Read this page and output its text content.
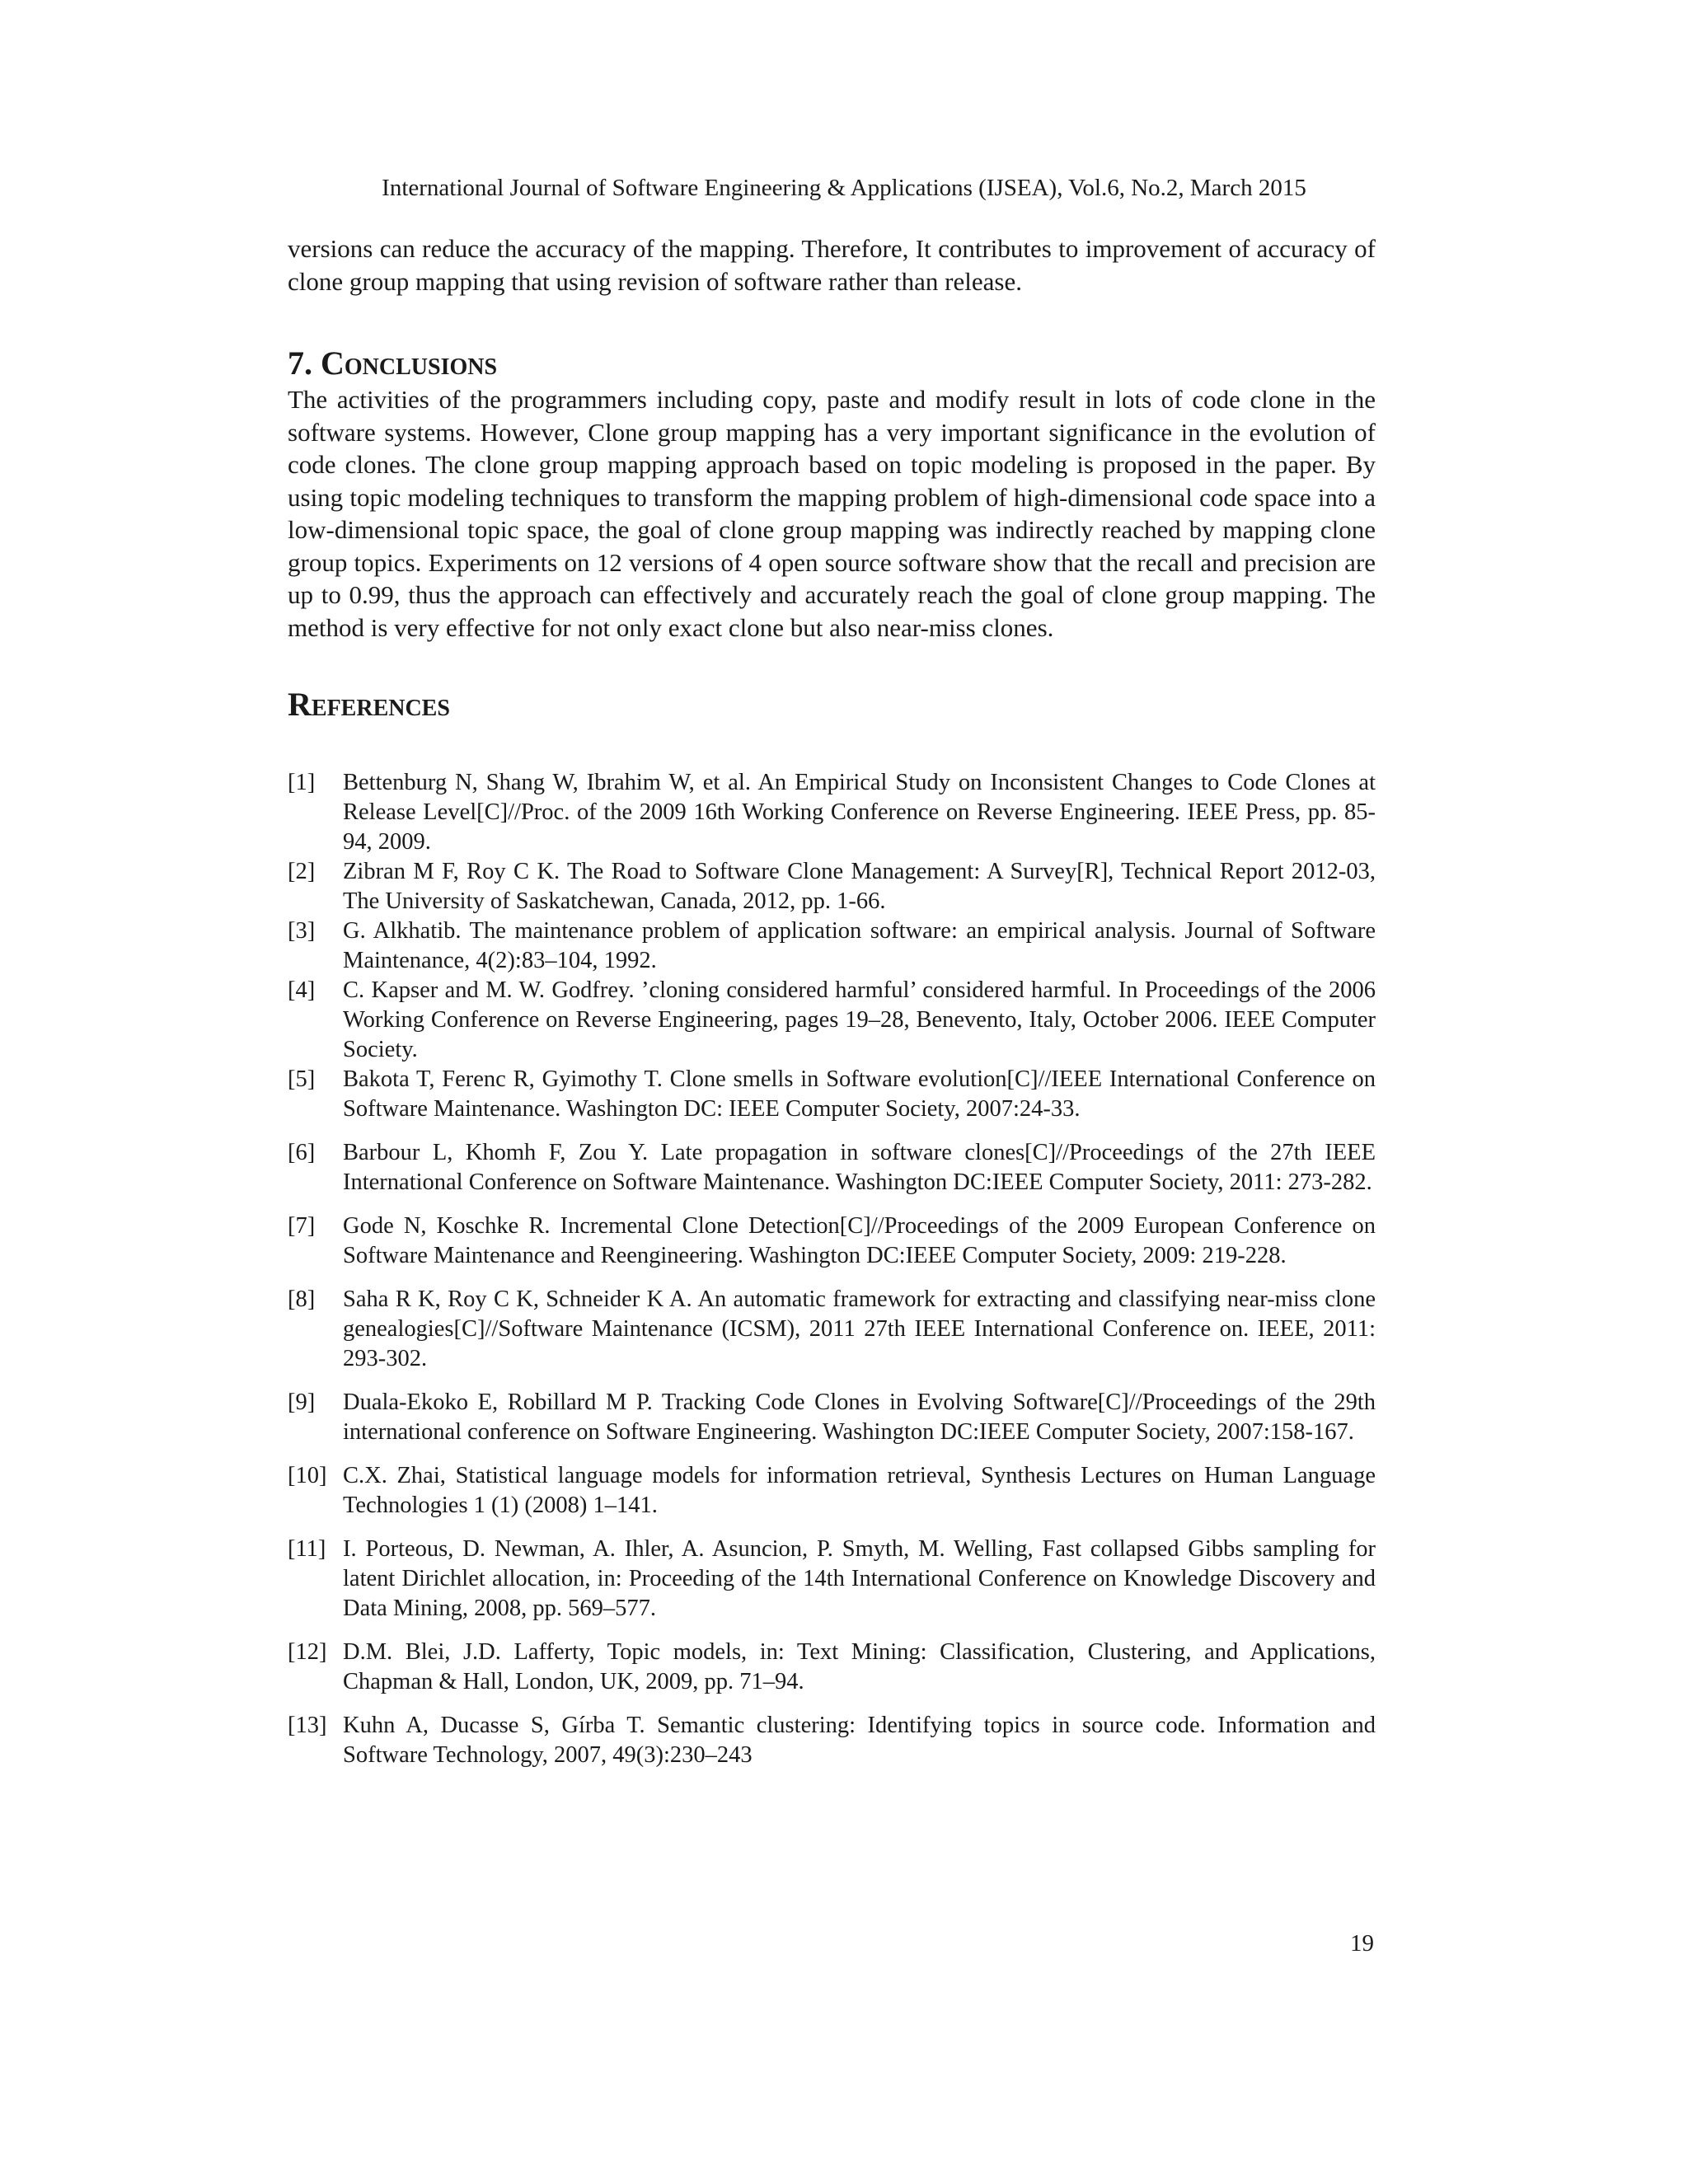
International Journal of Software Engineering & Applications (IJSEA), Vol.6, No.2, March 2015

versions can reduce the accuracy of the mapping. Therefore, It contributes to improvement of accuracy of clone group mapping that using revision of software rather than release.

7. Conclusions

The activities of the programmers including copy, paste and modify result in lots of code clone in the software systems. However, Clone group mapping has a very important significance in the evolution of code clones. The clone group mapping approach based on topic modeling is proposed in the paper. By using topic modeling techniques to transform the mapping problem of high-dimensional code space into a low-dimensional topic space, the goal of clone group mapping was indirectly reached by mapping clone group topics. Experiments on 12 versions of 4 open source software show that the recall and precision are up to 0.99, thus the approach can effectively and accurately reach the goal of clone group mapping. The method is very effective for not only exact clone but also near-miss clones.

References
[1]	Bettenburg N, Shang W, Ibrahim W, et al. An Empirical Study on Inconsistent Changes to Code Clones at Release Level[C]//Proc. of the 2009 16th Working Conference on Reverse Engineering. IEEE Press, pp. 85-94, 2009.
[2]	Zibran M F, Roy C K. The Road to Software Clone Management: A Survey[R], Technical Report 2012-03, The University of Saskatchewan, Canada, 2012, pp. 1-66.
[3]	G. Alkhatib. The maintenance problem of application software: an empirical analysis. Journal of Software Maintenance, 4(2):83–104, 1992.
[4]	C. Kapser and M. W. Godfrey. ’cloning considered harmful’ considered harmful. In Proceedings of the 2006 Working Conference on Reverse Engineering, pages 19–28, Benevento, Italy, October 2006. IEEE Computer Society.
[5]	Bakota T, Ferenc R, Gyimothy T. Clone smells in Software evolution[C]//IEEE International Conference on Software Maintenance. Washington DC: IEEE Computer Society, 2007:24-33.
[6]	Barbour L, Khomh F, Zou Y. Late propagation in software clones[C]//Proceedings of the 27th IEEE International Conference on Software Maintenance. Washington DC:IEEE Computer Society, 2011: 273-282.
[7]	Gode N, Koschke R. Incremental Clone Detection[C]//Proceedings of the 2009 European Conference on Software Maintenance and Reengineering. Washington DC:IEEE Computer Society, 2009: 219-228.
[8]	Saha R K, Roy C K, Schneider K A. An automatic framework for extracting and classifying near-miss clone genealogies[C]//Software Maintenance (ICSM), 2011 27th IEEE International Conference on. IEEE, 2011: 293-302.
[9]	Duala-Ekoko E, Robillard M P. Tracking Code Clones in Evolving Software[C]//Proceedings of the 29th international conference on Software Engineering. Washington DC:IEEE Computer Society, 2007:158-167.
[10] C.X. Zhai, Statistical language models for information retrieval, Synthesis Lectures on Human Language Technologies 1 (1) (2008) 1–141.
[11] I. Porteous, D. Newman, A. Ihler, A. Asuncion, P. Smyth, M. Welling, Fast collapsed Gibbs sampling for latent Dirichlet allocation, in: Proceeding of the 14th International Conference on Knowledge Discovery and Data Mining, 2008, pp. 569–577.
[12] D.M. Blei, J.D. Lafferty, Topic models, in: Text Mining: Classification, Clustering, and Applications, Chapman & Hall, London, UK, 2009, pp. 71–94.
[13] Kuhn A, Ducasse S, Gírba T. Semantic clustering: Identifying topics in source code. Information and Software Technology, 2007, 49(3):230–243
19
